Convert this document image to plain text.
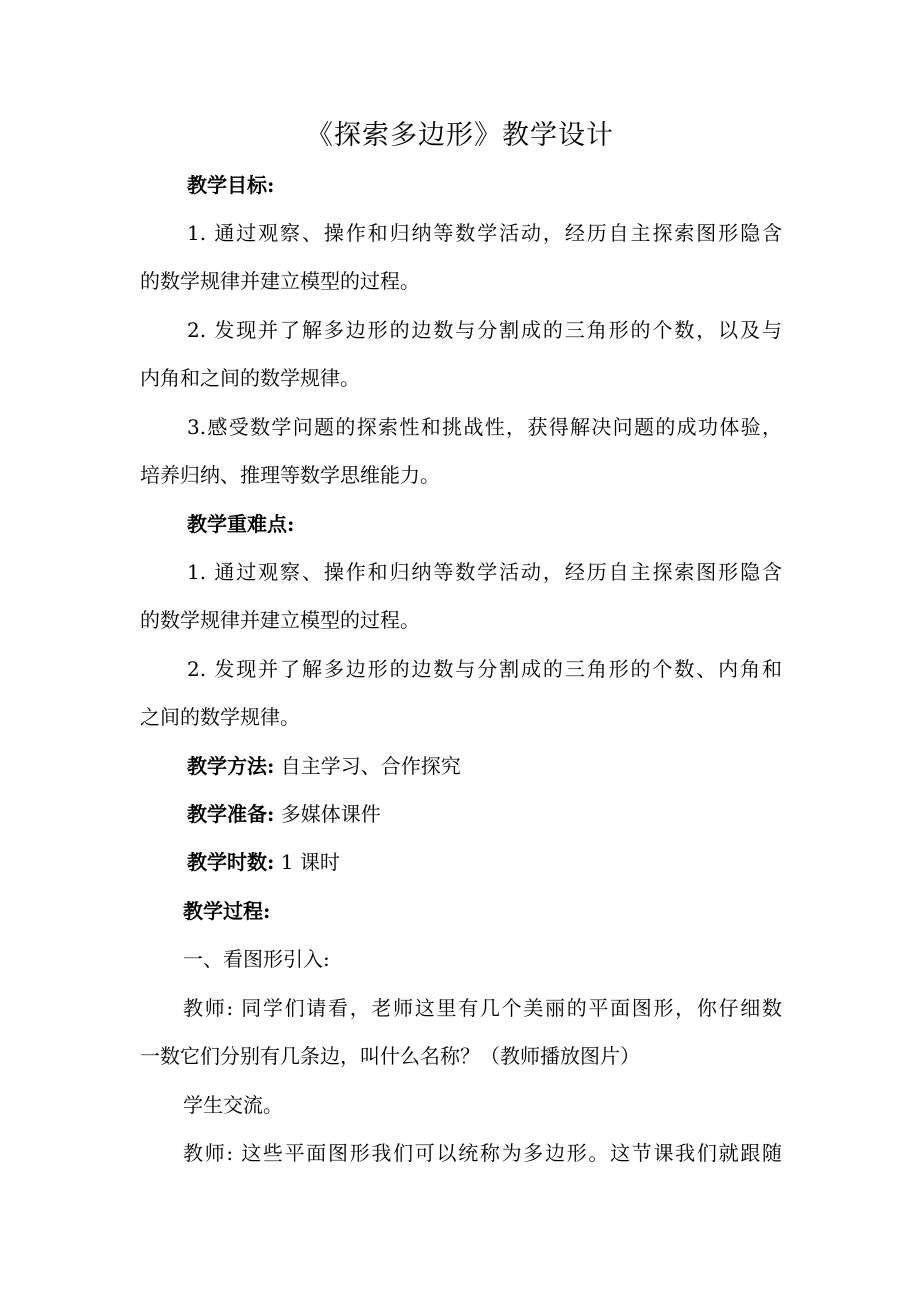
《探索多边形》教学设计
教学目标:
1. 通过观察、操作和归纳等数学活动，经历自主探索图形隐含
的数学规律并建立模型的过程。
2. 发现并了解多边形的边数与分割成的三角形的个数，以及与
内角和之间的数学规律。
3.感受数学问题的探索性和挑战性，获得解决问题的成功体验，
培养归纳、推理等数学思维能力。
教学重难点:
1. 通过观察、操作和归纳等数学活动，经历自主探索图形隐含
的数学规律并建立模型的过程。
2. 发现并了解多边形的边数与分割成的三角形的个数、内角和
之间的数学规律。
教学方法: 自主学习、合作探究
教学准备: 多媒体课件
教学时数: 1 课时
教学过程:
一、看图形引入:
教师: 同学们请看，老师这里有几个美丽的平面图形，你仔细数
一数它们分别有几条边，叫什么名称？（教师播放图片）
学生交流。
教师: 这些平面图形我们可以统称为多边形。这节课我们就跟随
